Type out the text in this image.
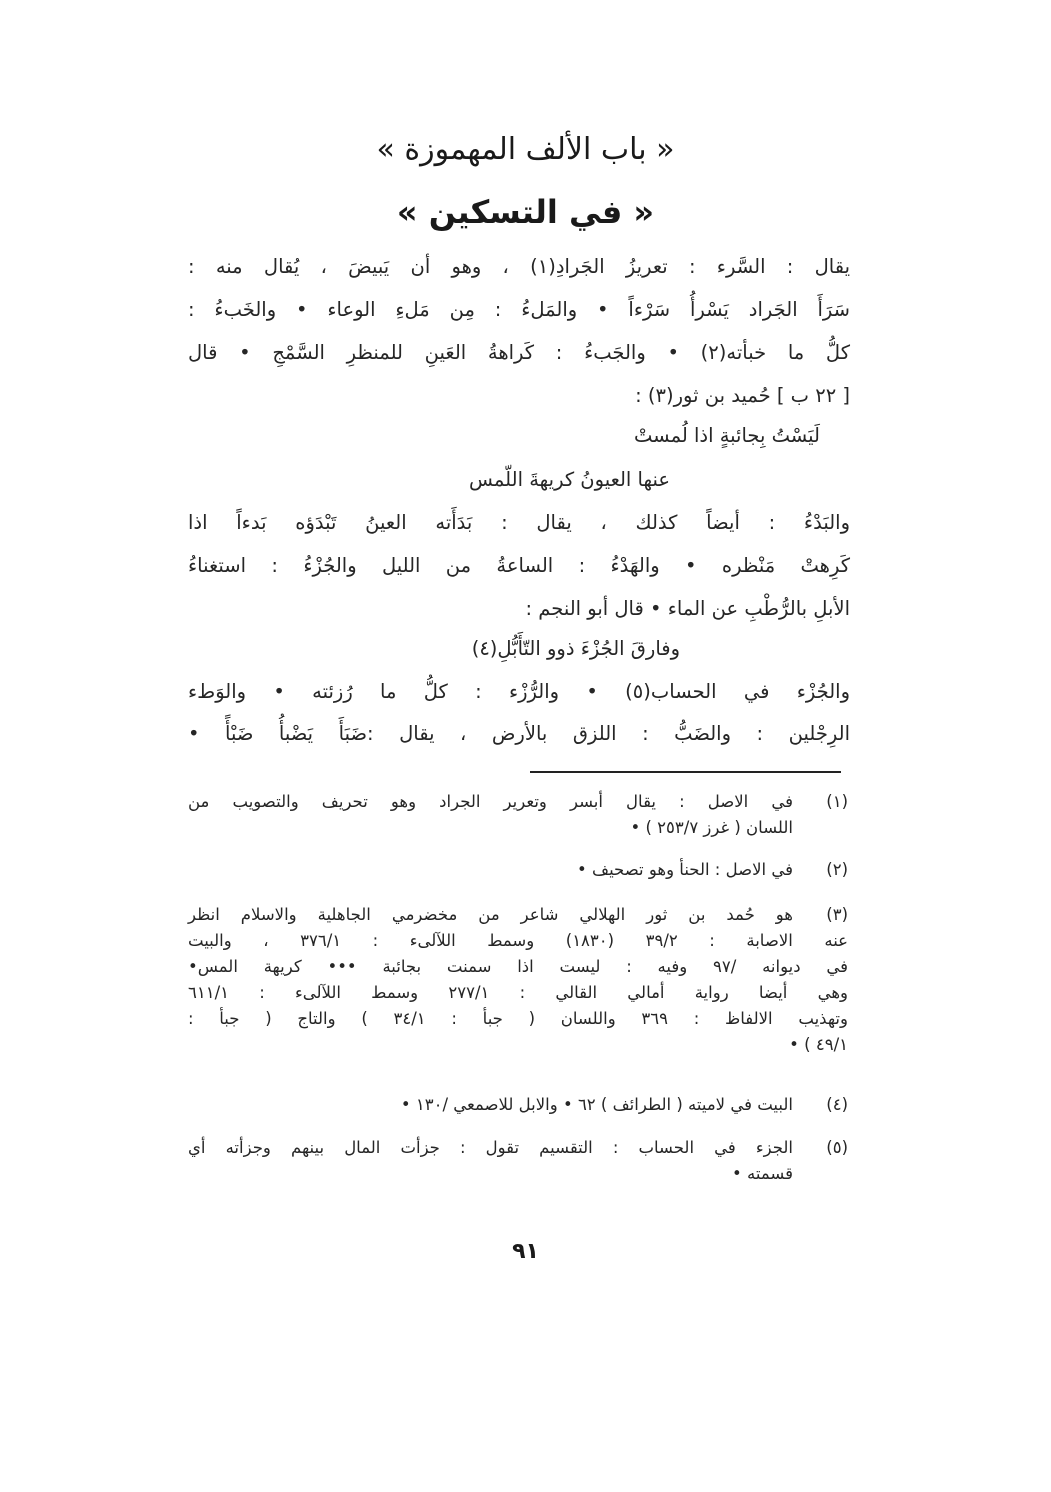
« باب الألف المهموزة »
« في التسكين »
يقال : السَّرء : تعريزُ الجَرادِ(١) ، وهو أن يَبيضَ ، يُقال منه :
سَرَأَ الجَراد يَسْرأُ سَرْءاً • والمَلءُ : مِن مَلءِ الوعاء • والخَبءُ :
كلُّ ما خبأته(٢) • والجَبءُ : كَراهةُ العَينِ للمنظرِ السَّمْجِ • قال
[ ٢٢ ب ] حُميد بن ثور(٣) :
لَيَسْتُ بِجائبةٍ اذا لُمستْ
عنها العيونُ كريهةَ اللّمس
والبَدْءُ : أيضاً كذلك ، يقال : بَدَأَته العينُ تَبْدَؤه بَدءاً اذا
كَرِهتْ مَنْظره • والهَدْءُ : الساعةُ من الليل والجُزْءُ : استغناءُ
الأبلِ بالرُّطْبِ عن الماء • قال أبو النجم :
وفارقَ الجُزْءَ ذوو التّأَبُّلِ(٤)
والجُزْء في الحساب(٥) • والرُّزْء : كلُّ ما رُزئته • والوَطء
الرِجْلين : والضَبُّ : اللزق بالأرض ، يقال :ضَبَأَ يَضْبأُ ضَبْأً •
(١)
في الاصل : يقال أبسر وتعرير الجراد وهو تحريف والتصويب من
اللسان ( غرز ٢٥٣/٧ ) •
(٢)
في الاصل : الحنأ وهو تصحيف •
(٣)
هو حُمد بن ثور الهلالي شاعر من مخضرمي الجاهلية والاسلام انظر
عنه الاصابة : ٣٩/٢ (١٨٣٠) وسمط اللآلىء : ٣٧٦/١ ، والبيت
في ديوانه /٩٧ وفيه : ليست اذا سمنت بجائبة ••• كريهة المس•
وهي أيضا رواية أمالي القالي : ٢٧٧/١ وسمط اللآلىء : ٦١١/١
وتهذيب الالفاظ : ٣٦٩ واللسان ( جبأ : ٣٤/١ ) والتاج ( جبأ :
٤٩/١ ) •
(٤)
البيت في لاميته ( الطرائف ) ٦٢ • والابل للاصمعي /١٣٠ •
(٥)
الجزء في الحساب : التقسيم تقول : جزأت المال بينهم وجزأته أي
قسمته •
٩١
